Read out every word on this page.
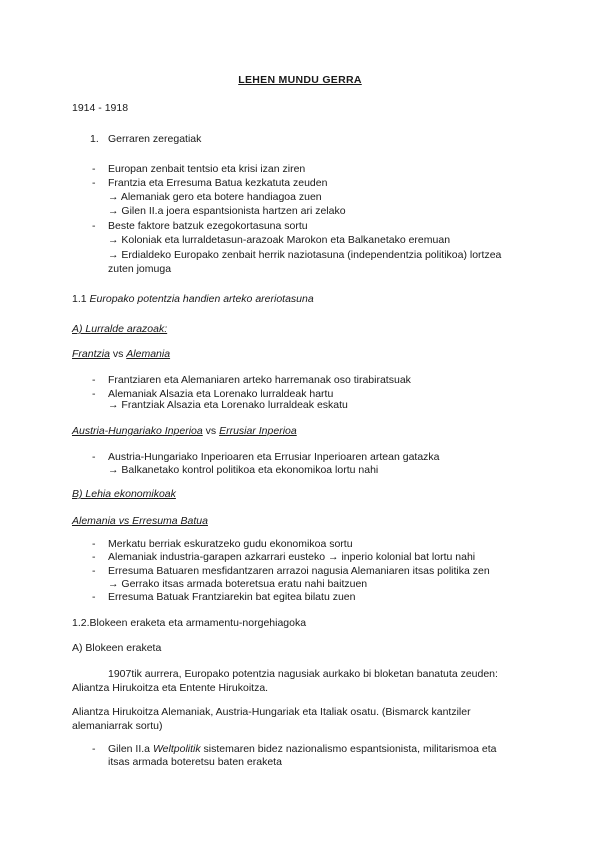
LEHEN MUNDU GERRA
1914 - 1918
1. Gerraren zeregatiak
- Europan zenbait tentsio eta krisi izan ziren
- Frantzia eta Erresuma Batua kezkatuta zeuden
→ Alemaniak gero eta botere handiagoa zuen
→ Gilen II.a joera espantsionista hartzen ari zelako
- Beste faktore batzuk ezegokortasuna sortu
→ Koloniak eta lurraldetasun-arazoak Marokon eta Balkanetako eremuan
→ Erdialdeko Europako zenbait herrik naziotasuna (independentzia politikoa) lortzea
zuten jomuga
1.1 Europako potentzia handien arteko areriotasuna
A) Lurralde arazoak:
Frantzia vs Alemania
- Frantziaren eta Alemaniaren arteko harremanak oso tirabiratsuak
- Alemaniak Alsazia eta Lorenako lurraldeak hartu
→ Frantziak Alsazia eta Lorenako lurraldeak eskatu
Austria-Hungariako Inperioa vs Errusiar Inperioa
- Austria-Hungariako Inperioaren eta Errusiar Inperioaren artean gatazka
→ Balkanetako kontrol politikoa eta ekonomikoa lortu nahi
B) Lehia ekonomikoak
Alemania vs Erresuma Batua
- Merkatu berriak eskuratzeko gudu ekonomikoa sortu
- Alemaniak industria-garapen azkarrari eusteko → inperio kolonial bat lortu nahi
- Erresuma Batuaren mesfidantzaren arrazoi nagusia Alemaniaren itsas politika zen
→ Gerrako itsas armada boteretsua eratu nahi baitzuen
- Erresuma Batuak Frantziarekin bat egitea bilatu zuen
1.2.Blokeen eraketa eta armamentu-norgehiagoka
A) Blokeen eraketa
1907tik aurrera, Europako potentzia nagusiak aurkako bi bloketan banatuta zeuden:
Aliantza Hirukoitza eta Entente Hirukoitza.
Aliantza Hirukoitza Alemaniak, Austria-Hungariak eta Italiak osatu. (Bismarck kantziler
alemaniarrak sortu)
- Gilen II.a Weltpolitik sistemaren bidez nazionalismo espantsionista, militarismoa eta
itsas armada boteretsu baten eraketa
